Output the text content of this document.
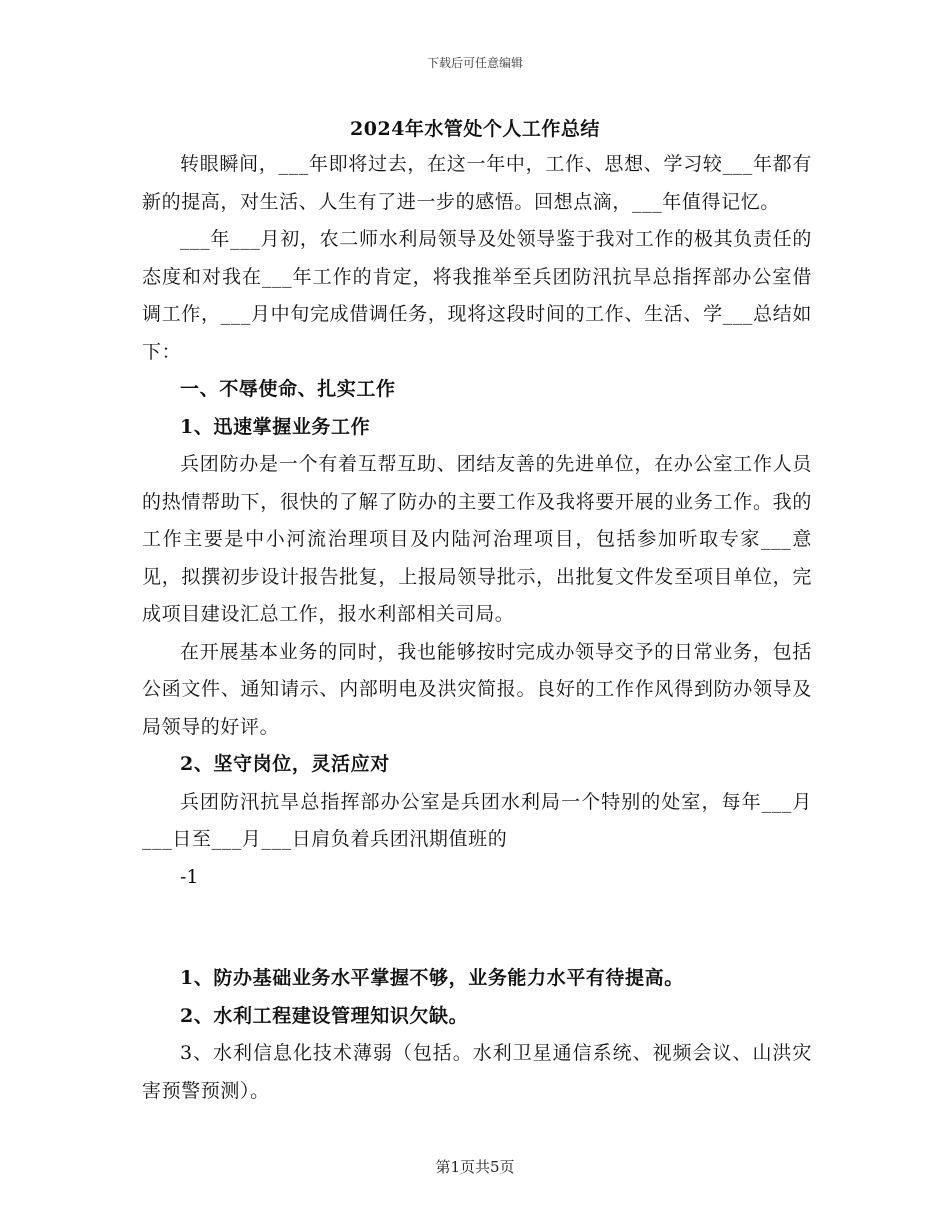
下载后可任意编辑
2024年水管处个人工作总结

转眼瞬间，___年即将过去，在这一年中，工作、思想、学习较___年都有新的提高，对生活、人生有了进一步的感悟。回想点滴，___年值得记忆。

___年___月初，农二师水利局领导及处领导鉴于我对工作的极其负责任的态度和对我在___年工作的肯定，将我推举至兵团防汛抗旱总指挥部办公室借调工作，___月中旬完成借调任务，现将这段时间的工作、生活、学___总结如下：

一、不辱使命、扎实工作

1、迅速掌握业务工作

兵团防办是一个有着互帮互助、团结友善的先进单位，在办公室工作人员的热情帮助下，很快的了解了防办的主要工作及我将要开展的业务工作。我的工作主要是中小河流治理项目及内陆河治理项目，包括参加听取专家___意见，拟撰初步设计报告批复，上报局领导批示，出批复文件发至项目单位，完成项目建设汇总工作，报水利部相关司局。

在开展基本业务的同时，我也能够按时完成办领导交予的日常业务，包括公函文件、通知请示、内部明电及洪灾简报。良好的工作作风得到防办领导及局领导的好评。

2、坚守岗位，灵活应对

兵团防汛抗旱总指挥部办公室是兵团水利局一个特别的处室，每年___月___日至___月___日肩负着兵团汛期值班的

-1

1、防办基础业务水平掌握不够，业务能力水平有待提高。

2、水利工程建设管理知识欠缺。

3、水利信息化技术薄弱（包括。水利卫星通信系统、视频会议、山洪灾害预警预测）。

第1页共5页
